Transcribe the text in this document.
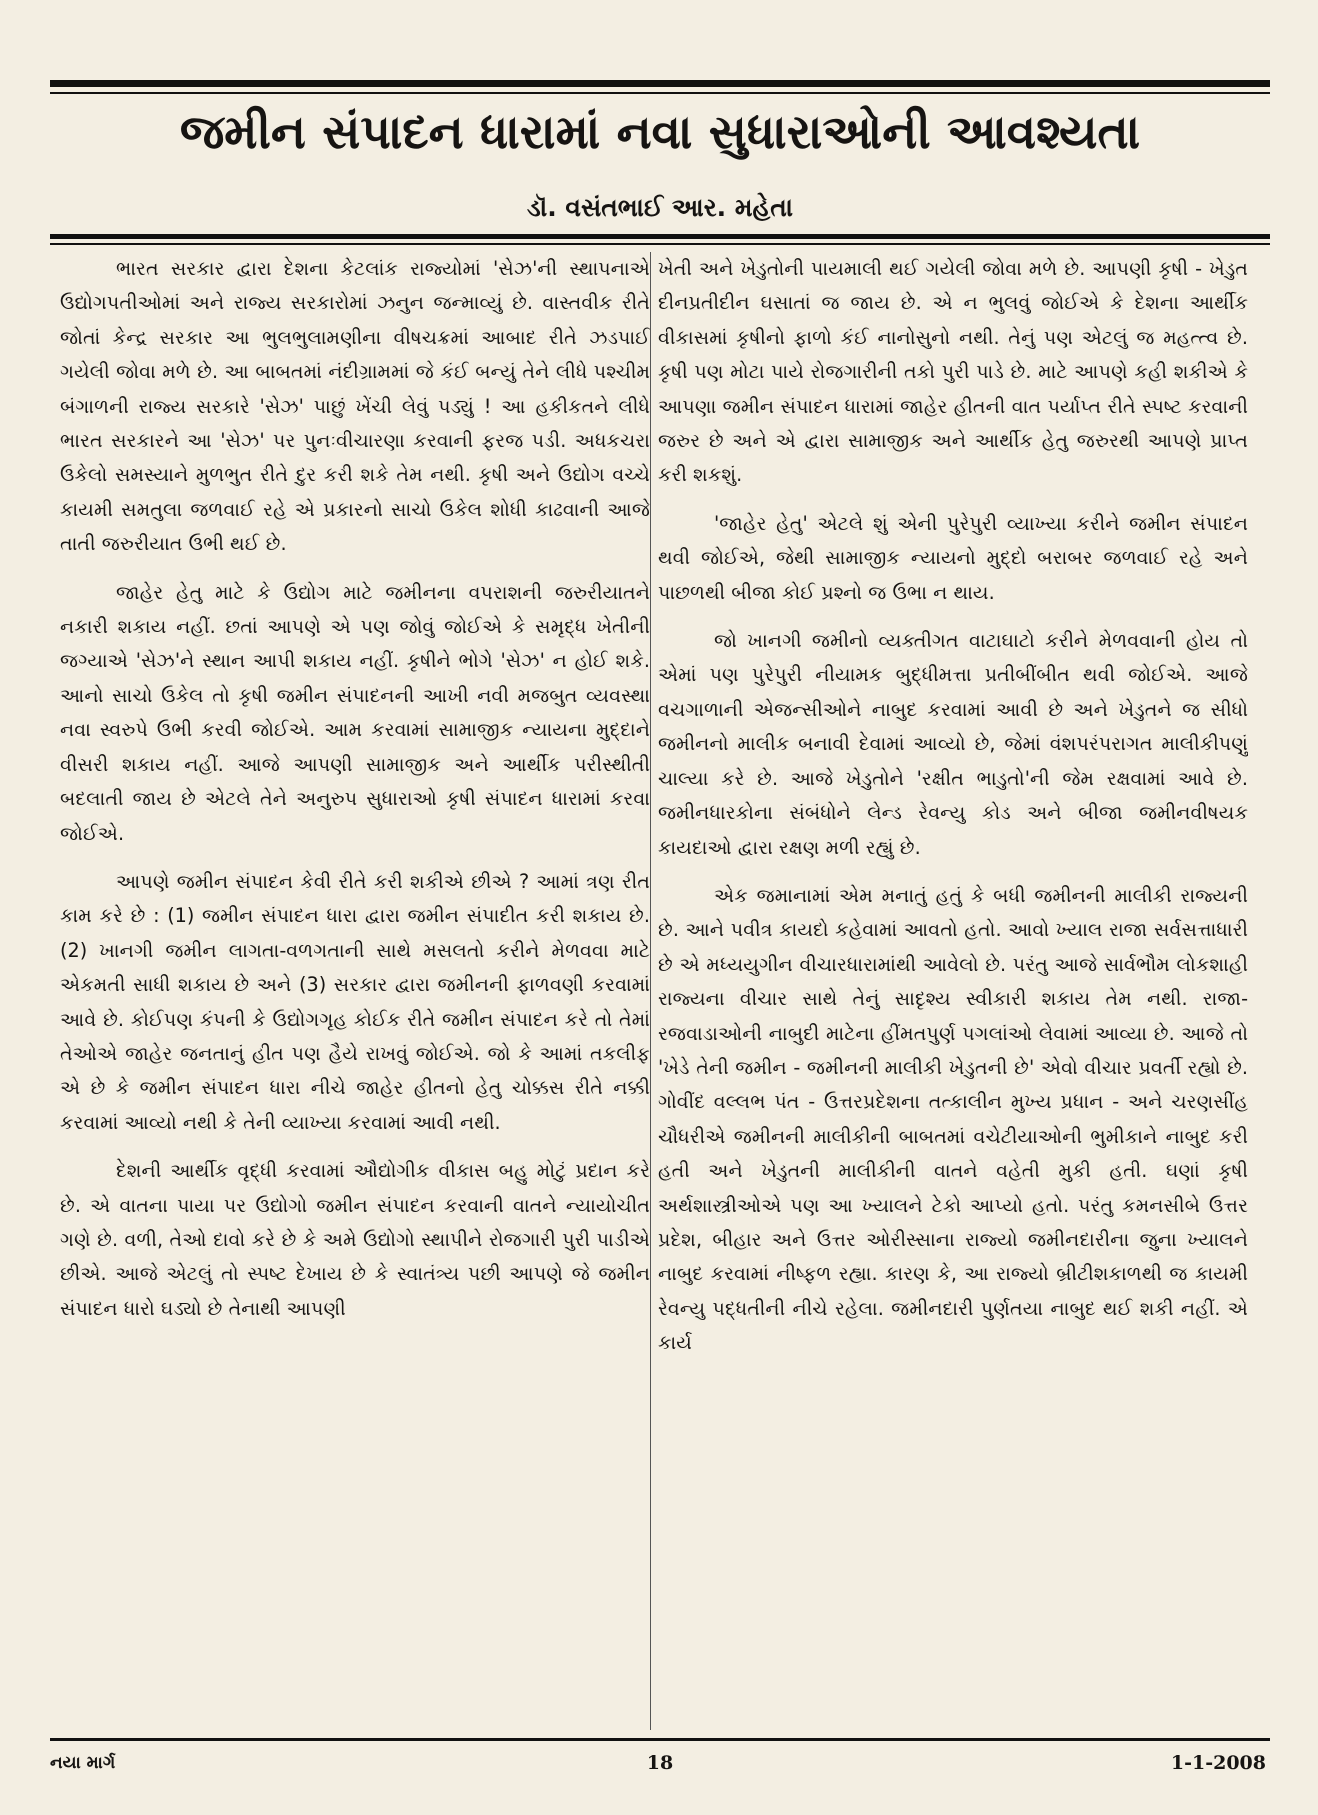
જમીન સંપાદન ધારામાં નવા સુધારાઓની આવશ્યતા
ડૉ. વસંતભાઈ આર. મહેતા

ભારત સરકાર દ્વારા દેશના કેટલાંક રાજ્યોમાં 'સેઝ'ની સ્થાપનાએ ઉદ્યોગપતીઓમાં અને રાજ્ય સરકારોમાં ઝનુન જન્માવ્યું છે. વાસ્તવીક રીતે જોતાં કેન્દ્ર સરકાર આ ભુલભુલામણીના વીષચક્રમાં આબાદ રીતે ઝડપાઈ ગયેલી જોવા મળે છે. આ બાબતમાં નંદીગ્રામમાં જે કંઈ બન્યું તેને લીધે પશ્ચીમ બંગાળની રાજ્ય સરકારે 'સેઝ' પાછું ખેંચી લેવું પડ્યું ! આ હકીકતને લીધે ભારત સરકારને આ 'સેઝ' પર પુનઃવીચારણા કરવાની ફરજ પડી. અધકચરા ઉકેલો સમસ્યાને મુળભુત રીતે દુર કરી શકે તેમ નથી. કૃષી અને ઉદ્યોગ વચ્ચે કાયમી સમતુલા જળવાઈ રહે એ પ્રકારનો સાચો ઉકેલ શોધી કાઢવાની આજે તાતી જરુરીયાત ઉભી થઈ છે.

જાહેર હેતુ માટે કે ઉદ્યોગ માટે જમીનના વપરાશની જરુરીયાતને નકારી શકાય નહીં. છતાં આપણે એ પણ જોવું જોઈએ કે સમૃદ્ધ ખેતીની જગ્યાએ 'સેઝ'ને સ્થાન આપી શકાય નહીં. કૃષીને ભોગે 'સેઝ' ન હોઈ શકે. આનો સાચો ઉકેલ તો કૃષી જમીન સંપાદનની આખી નવી મજબુત વ્યવસ્થા નવા સ્વરુપે ઉભી કરવી જોઈએ. આમ કરવામાં સામાજીક ન્યાયના મુદ્દાને વીસરી શકાય નહીં. આજે આપણી સામાજીક અને આર્થીક પરીસ્થીતી બદલાતી જાય છે એટલે તેને અનુરુપ સુધારાઓ કૃષી સંપાદન ધારામાં કરવા જોઈએ.

આપણે જમીન સંપાદન કેવી રીતે કરી શકીએ છીએ ? આમાં ત્રણ રીત કામ કરે છે : (1) જમીન સંપાદન ધારા દ્વારા જમીન સંપાદીત કરી શકાય છે. (2) ખાનગી જમીન લાગતા-વળગતાની સાથે મસલતો કરીને મેળવવા માટે એકમતી સાધી શકાય છે અને (3) સરકાર દ્વારા જમીનની ફાળવણી કરવામાં આવે છે. કોઈપણ કંપની કે ઉદ્યોગગૃહ કોઈક રીતે જમીન સંપાદન કરે તો તેમાં તેઓએ જાહેર જનતાનું હીત પણ હૈયે રાખવું જોઈએ. જો કે આમાં તકલીફ એ છે કે જમીન સંપાદન ધારા નીચે જાહેર હીતનો હેતુ ચોક્કસ રીતે નક્કી કરવામાં આવ્યો નથી કે તેની વ્યાખ્યા કરવામાં આવી નથી.

દેશની આર્થીક વૃદ્ધી કરવામાં ઔદ્યોગીક વીકાસ બહુ મોટું પ્રદાન કરે છે. એ વાતના પાયા પર ઉદ્યોગો જમીન સંપાદન કરવાની વાતને ન્યાયોચીત ગણે છે. વળી, તેઓ દાવો કરે છે કે અમે ઉદ્યોગો સ્થાપીને રોજગારી પુરી પાડીએ છીએ. આજે એટલું તો સ્પષ્ટ દેખાય છે કે સ્વાતંત્ર્ય પછી આપણે જે જમીન સંપાદન ધારો ઘડ્યો છે તેનાથી આપણી

ખેતી અને ખેડુતોની પાયમાલી થઈ ગયેલી જોવા મળે છે. આપણી કૃષી - ખેડુત દીનપ્રતીદીન ઘસાતાં જ જાય છે. એ ન ભુલવું જોઈએ કે દેશના આર્થીક વીકાસમાં કૃષીનો ફાળો કંઈ નાનોસુનો નથી. તેનું પણ એટલું જ મહત્ત્વ છે. કૃષી પણ મોટા પાયે રોજગારીની તકો પુરી પાડે છે. માટે આપણે કહી શકીએ કે આપણા જમીન સંપાદન ધારામાં જાહેર હીતની વાત પર્યાપ્ત રીતે સ્પષ્ટ કરવાની જરુર છે અને એ દ્વારા સામાજીક અને આર્થીક હેતુ જરુરથી આપણે પ્રાપ્ત કરી શકશું.

'જાહેર હેતુ' એટલે શું એની પુરેપુરી વ્યાખ્યા કરીને જમીન સંપાદન થવી જોઈએ, જેથી સામાજીક ન્યાયનો મુદ્દો બરાબર જળવાઈ રહે અને પાછળથી બીજા કોઈ પ્રશ્નો જ ઉભા ન થાય.

જો ખાનગી જમીનો વ્યક્તીગત વાટાઘાટો કરીને મેળવવાની હોય તો એમાં પણ પુરેપુરી નીયામક બુદ્ધીમત્તા પ્રતીબીંબીત થવી જોઈએ. આજે વચગાળાની એજન્સીઓને નાબુદ કરવામાં આવી છે અને ખેડુતને જ સીધો જમીનનો માલીક બનાવી દેવામાં આવ્યો છે, જેમાં વંશપરંપરાગત માલીકીપણું ચાલ્યા કરે છે. આજે ખેડુતોને 'રક્ષીત ભાડુતો'ની જેમ રક્ષવામાં આવે છે. જમીનધારકોના સંબંધોને લેન્ડ રેવન્યુ કોડ અને બીજા જમીનવીષયક કાયદાઓ દ્વારા રક્ષણ મળી રહ્યું છે.

એક જમાનામાં એમ મનાતું હતું કે બધી જમીનની માલીકી રાજ્યની છે. આને પવીત્ર કાયદો કહેવામાં આવતો હતો. આવો ખ્યાલ રાજા સર્વસત્તાધારી છે એ મધ્યયુગીન વીચારધારામાંથી આવેલો છે. પરંતુ આજે સાર્વભૌમ લોકશાહી રાજ્યના વીચાર સાથે તેનું સાદૃશ્ય સ્વીકારી શકાય તેમ નથી. રાજા-રજવાડાઓની નાબુદી માટેના હીંમતપુર્ણ પગલાંઓ લેવામાં આવ્યા છે. આજે તો 'ખેડે તેની જમીન - જમીનની માલીકી ખેડુતની છે' એવો વીચાર પ્રવર્તી રહ્યો છે. ગોવીંદ વલ્લભ પંત - ઉત્તરપ્રદેશના તત્કાલીન મુખ્ય પ્રધાન - અને ચરણસીંહ ચૌધરીએ જમીનની માલીકીની બાબતમાં વચેટીયાઓની ભુમીકાને નાબુદ કરી હતી અને ખેડુતની માલીકીની વાતને વહેતી મુકી હતી. ઘણાં કૃષી અર્થશાસ્ત્રીઓએ પણ આ ખ્યાલને ટેકો આપ્યો હતો. પરંતુ કમનસીબે ઉત્તર પ્રદેશ, બીહાર અને ઉત્તર ઓરીસ્સાના રાજ્યો જમીનદારીના જુના ખ્યાલને નાબુદ કરવામાં નીષ્ફળ રહ્યા. કારણ કે, આ રાજ્યો બ્રીટીશકાળથી જ કાયમી રેવન્યુ પદ્ધતીની નીચે રહેલા. જમીનદારી પુર્ણતયા નાબુદ થઈ શકી નહીં. એ કાર્ય

નયા માર્ગ	18	1-1-2008
